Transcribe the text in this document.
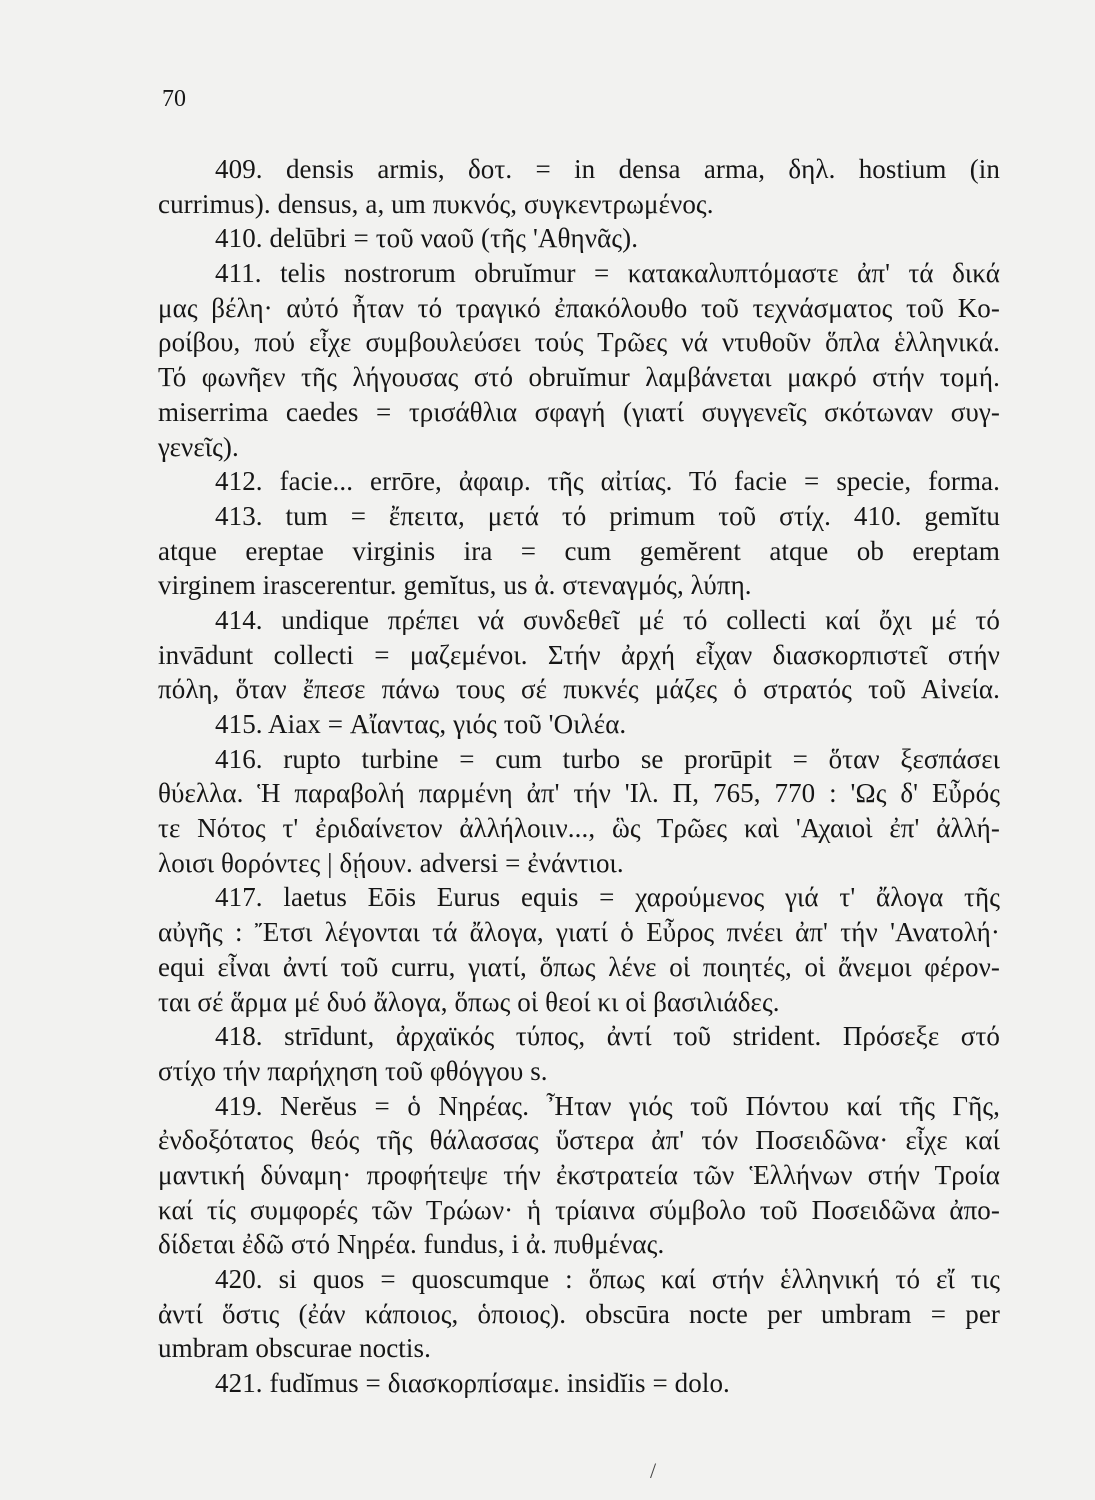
70
409. densis armis, δοτ. = in densa arma, δηλ. hostium (in
currimus). densus, a, um πυκνός, συγκεντρωμένος.
410. delūbri = τοῦ ναοῦ (τῆς 'Αθηνᾶς).
411. telis nostrorum obruĭmur = κατακαλυπτόμαστε ἀπ' τά δικά
μας βέλη· αὐτό ἦταν τό τραγικό ἐπακόλουθο τοῦ τεχνάσματος τοῦ Κο-
ροίβου, πού εἶχε συμβουλεύσει τούς Τρῶες νά ντυθοῦν ὅπλα ἑλληνικά.
Τό φωνῆεν τῆς λήγουσας στό obruĭmur λαμβάνεται μακρό στήν τομή.
miserrima caedes = τρισάθλια σφαγή (γιατί συγγενεῖς σκότωναν συγ-
γενεῖς).
412. facie... errōre, ἀφαιρ. τῆς αἰτίας. Τό facie = specie, forma.
413. tum = ἔπειτα, μετά τό primum τοῦ στίχ. 410. gemĭtu
atque ereptae virginis ira = cum gemĕrent atque ob ereptam
virginem irascerentur. gemĭtus, us ἀ. στεναγμός, λύπη.
414. undique πρέπει νά συνδεθεῖ μέ τό collecti καί ὄχι μέ τό
invādunt collecti = μαζεμένοι. Στήν ἀρχή εἶχαν διασκορπιστεῖ στήν
πόλη, ὅταν ἔπεσε πάνω τους σέ πυκνές μάζες ὁ στρατός τοῦ Αἰνεία.
415. Aiax = Αἴαντας, γιός τοῦ 'Οιλέα.
416. rupto turbine = cum turbo se prorūpit = ὅταν ξεσπάσει
θύελλα. Ἡ παραβολή παρμένη ἀπ' τήν 'Ιλ. Π, 765, 770 : 'Ως δ' Εὖρός
τε Νότος τ' ἐριδαίνετον ἀλλήλοιιν..., ὣς Τρῶες καὶ 'Αχαιοὶ ἐπ' ἀλλή-
λοισι θορόντες | δῄουν. adversi = ἐνάντιοι.
417. laetus Eōis Eurus equis = χαρούμενος γιά τ' ἄλογα τῆς
αὐγῆς : Ἔτσι λέγονται τά ἄλογα, γιατί ὁ Εὖρος πνέει ἀπ' τήν 'Ανατολή·
equi εἶναι ἀντί τοῦ curru, γιατί, ὅπως λένε οἱ ποιητές, οἱ ἄνεμοι φέρον-
ται σέ ἅρμα μέ δυό ἄλογα, ὅπως οἱ θεοί κι οἱ βασιλιάδες.
418. strīdunt, ἀρχαϊκός τύπος, ἀντί τοῦ strident. Πρόσεξε στό
στίχο τήν παρήχηση τοῦ φθόγγου s.
419. Nerĕus = ὁ Νηρέας. Ἦταν γιός τοῦ Πόντου καί τῆς Γῆς,
ἐνδοξότατος θεός τῆς θάλασσας ὕστερα ἀπ' τόν Ποσειδῶνα· εἶχε καί
μαντική δύναμη· προφήτεψε τήν ἐκστρατεία τῶν Ἑλλήνων στήν Τροία
καί τίς συμφορές τῶν Τρώων· ἡ τρίαινα σύμβολο τοῦ Ποσειδῶνα ἀπο-
δίδεται ἐδῶ στό Νηρέα. fundus, i ἀ. πυθμένας.
420. si quos = quoscumque : ὅπως καί στήν ἑλληνική τό εἴ τις
ἀντί ὅστις (ἐάν κάποιος, ὁποιος). obscūra nocte per umbram = per
umbram obscurae noctis.
421. fudĭmus = διασκορπίσαμε. insidĭis = dolo.
/
